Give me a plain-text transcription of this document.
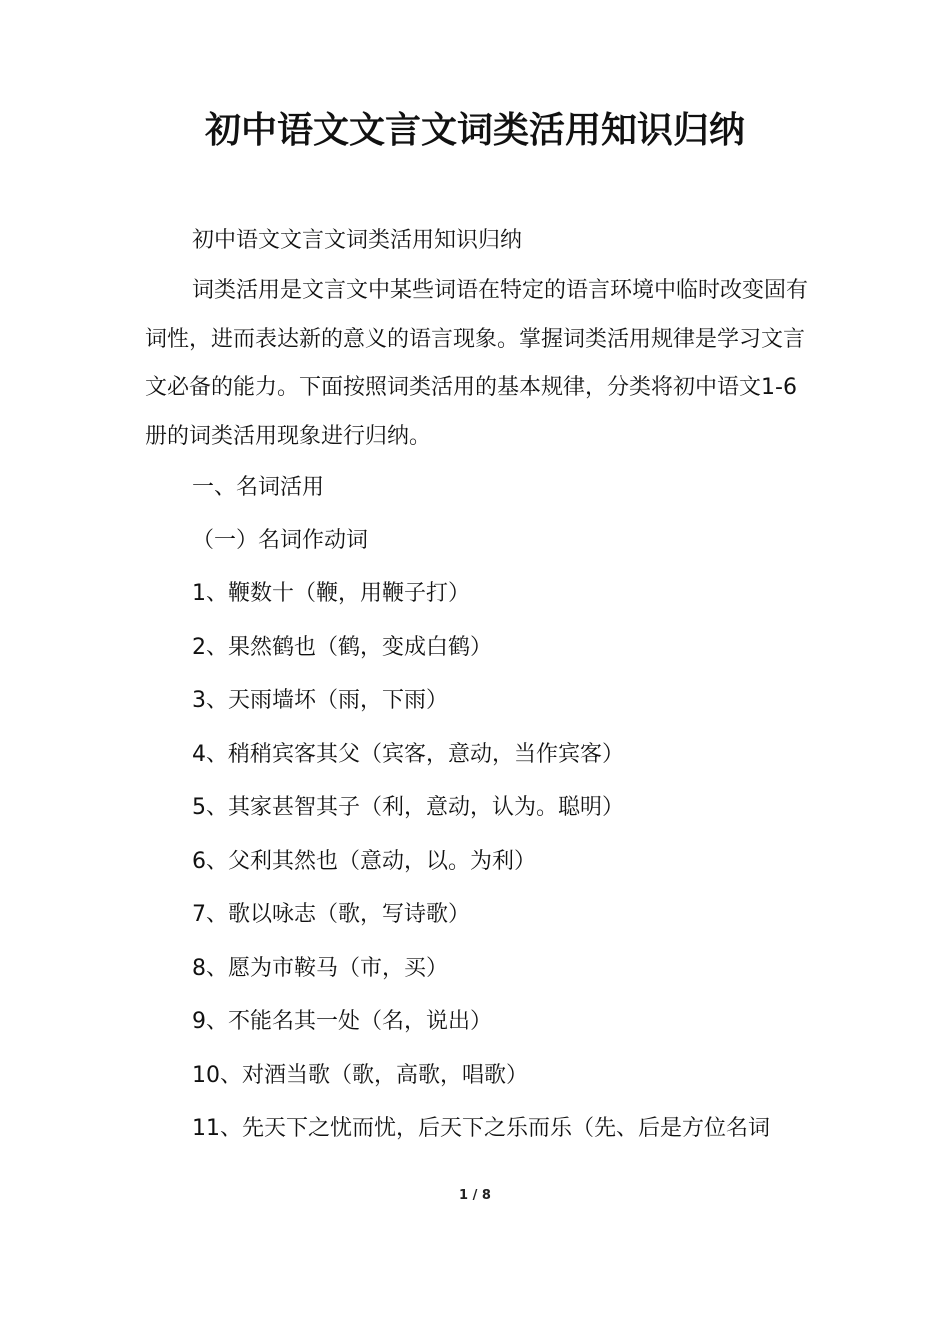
初中语文文言文词类活用知识归纳

初中语文文言文词类活用知识归纳

词类活用是文言文中某些词语在特定的语言环境中临时改变固有词性，进而表达新的意义的语言现象。掌握词类活用规律是学习文言文必备的能力。下面按照词类活用的基本规律，分类将初中语文1-6册的词类活用现象进行归纳。

一、名词活用

（一）名词作动词

1、鞭数十（鞭，用鞭子打）

2、果然鹤也（鹤，变成白鹤）

3、天雨墙坏（雨，下雨）

4、稍稍宾客其父（宾客，意动，当作宾客）

5、其家甚智其子（利，意动，认为。聪明）

6、父利其然也（意动，以。为利）

7、歌以咏志（歌，写诗歌）

8、愿为市鞍马（市，买）

9、不能名其一处（名，说出）

10、对酒当歌（歌，高歌，唱歌）

11、先天下之忧而忧，后天下之乐而乐（先、后是方位名词

1 / 8
